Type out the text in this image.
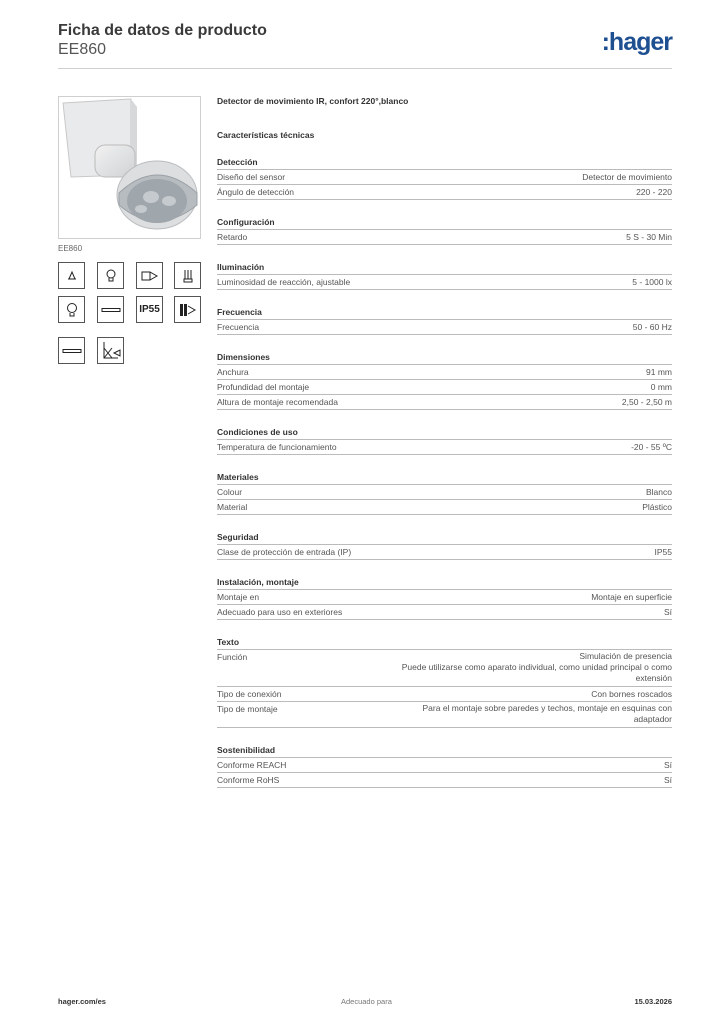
Ficha de datos de producto
EE860	:hager
EE860
IP55
Detector de movimiento IR, confort 220°,blanco
Características técnicas
Detección
Diseño del sensor	Detector de movimiento
Ángulo de detección	220 - 220
Configuración
Retardo	5 S - 30 Min
Iluminación
Luminosidad de reacción, ajustable	5 - 1000 lx
Frecuencia
Frecuencia	50 - 60 Hz
Dimensiones
Anchura	91 mm
Profundidad del montaje	0 mm
Altura de montaje recomendada	2,50 - 2,50 m
Condiciones de uso
Temperatura de funcionamiento	-20 - 55 ºC
Materiales
Colour	Blanco
Material	Plástico
Seguridad
Clase de protección de entrada (IP)	IP55
Instalación, montaje
Montaje en	Montaje en superficie
Adecuado para uso en exteriores	Sí
Texto
Función	Simulación de presencia
Puede utilizarse como aparato individual, como unidad principal o como extensión
Tipo de conexión	Con bornes roscados
Tipo de montaje	Para el montaje sobre paredes y techos, montaje en esquinas con adaptador
Sostenibilidad
Conforme REACH	Sí
Conforme RoHS	Sí
hager.com/es	Adecuado para	15.03.2026
